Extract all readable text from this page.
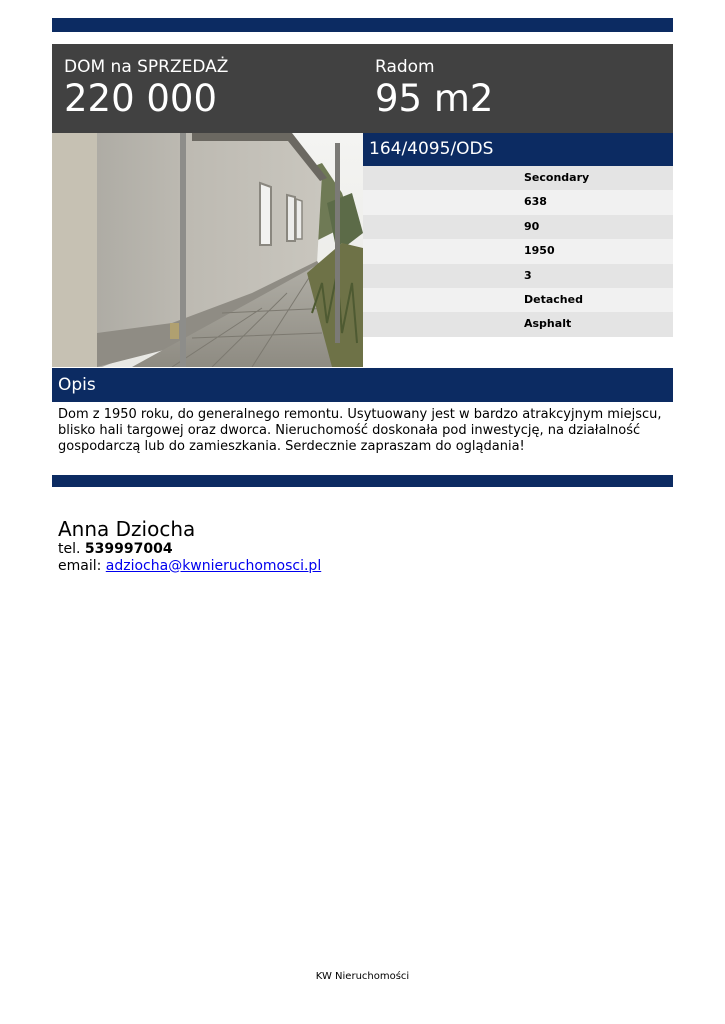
DOM na SPRZEDAŻ
220 000
Radom
95 m2
164/4095/ODS
Secondary
638
90
1950
3
Detached
Asphalt
Opis
Dom z 1950 roku, do generalnego remontu. Usytuowany jest w bardzo atrakcyjnym miejscu, blisko hali targowej oraz dworca. Nieruchomość doskonała pod inwestycję, na działalność gospodarczą lub do zamieszkania. Serdecznie zapraszam do oglądania!
Anna Dziocha
tel. 539997004
email: adziocha@kwnieruchomosci.pl
KW Nieruchomości
